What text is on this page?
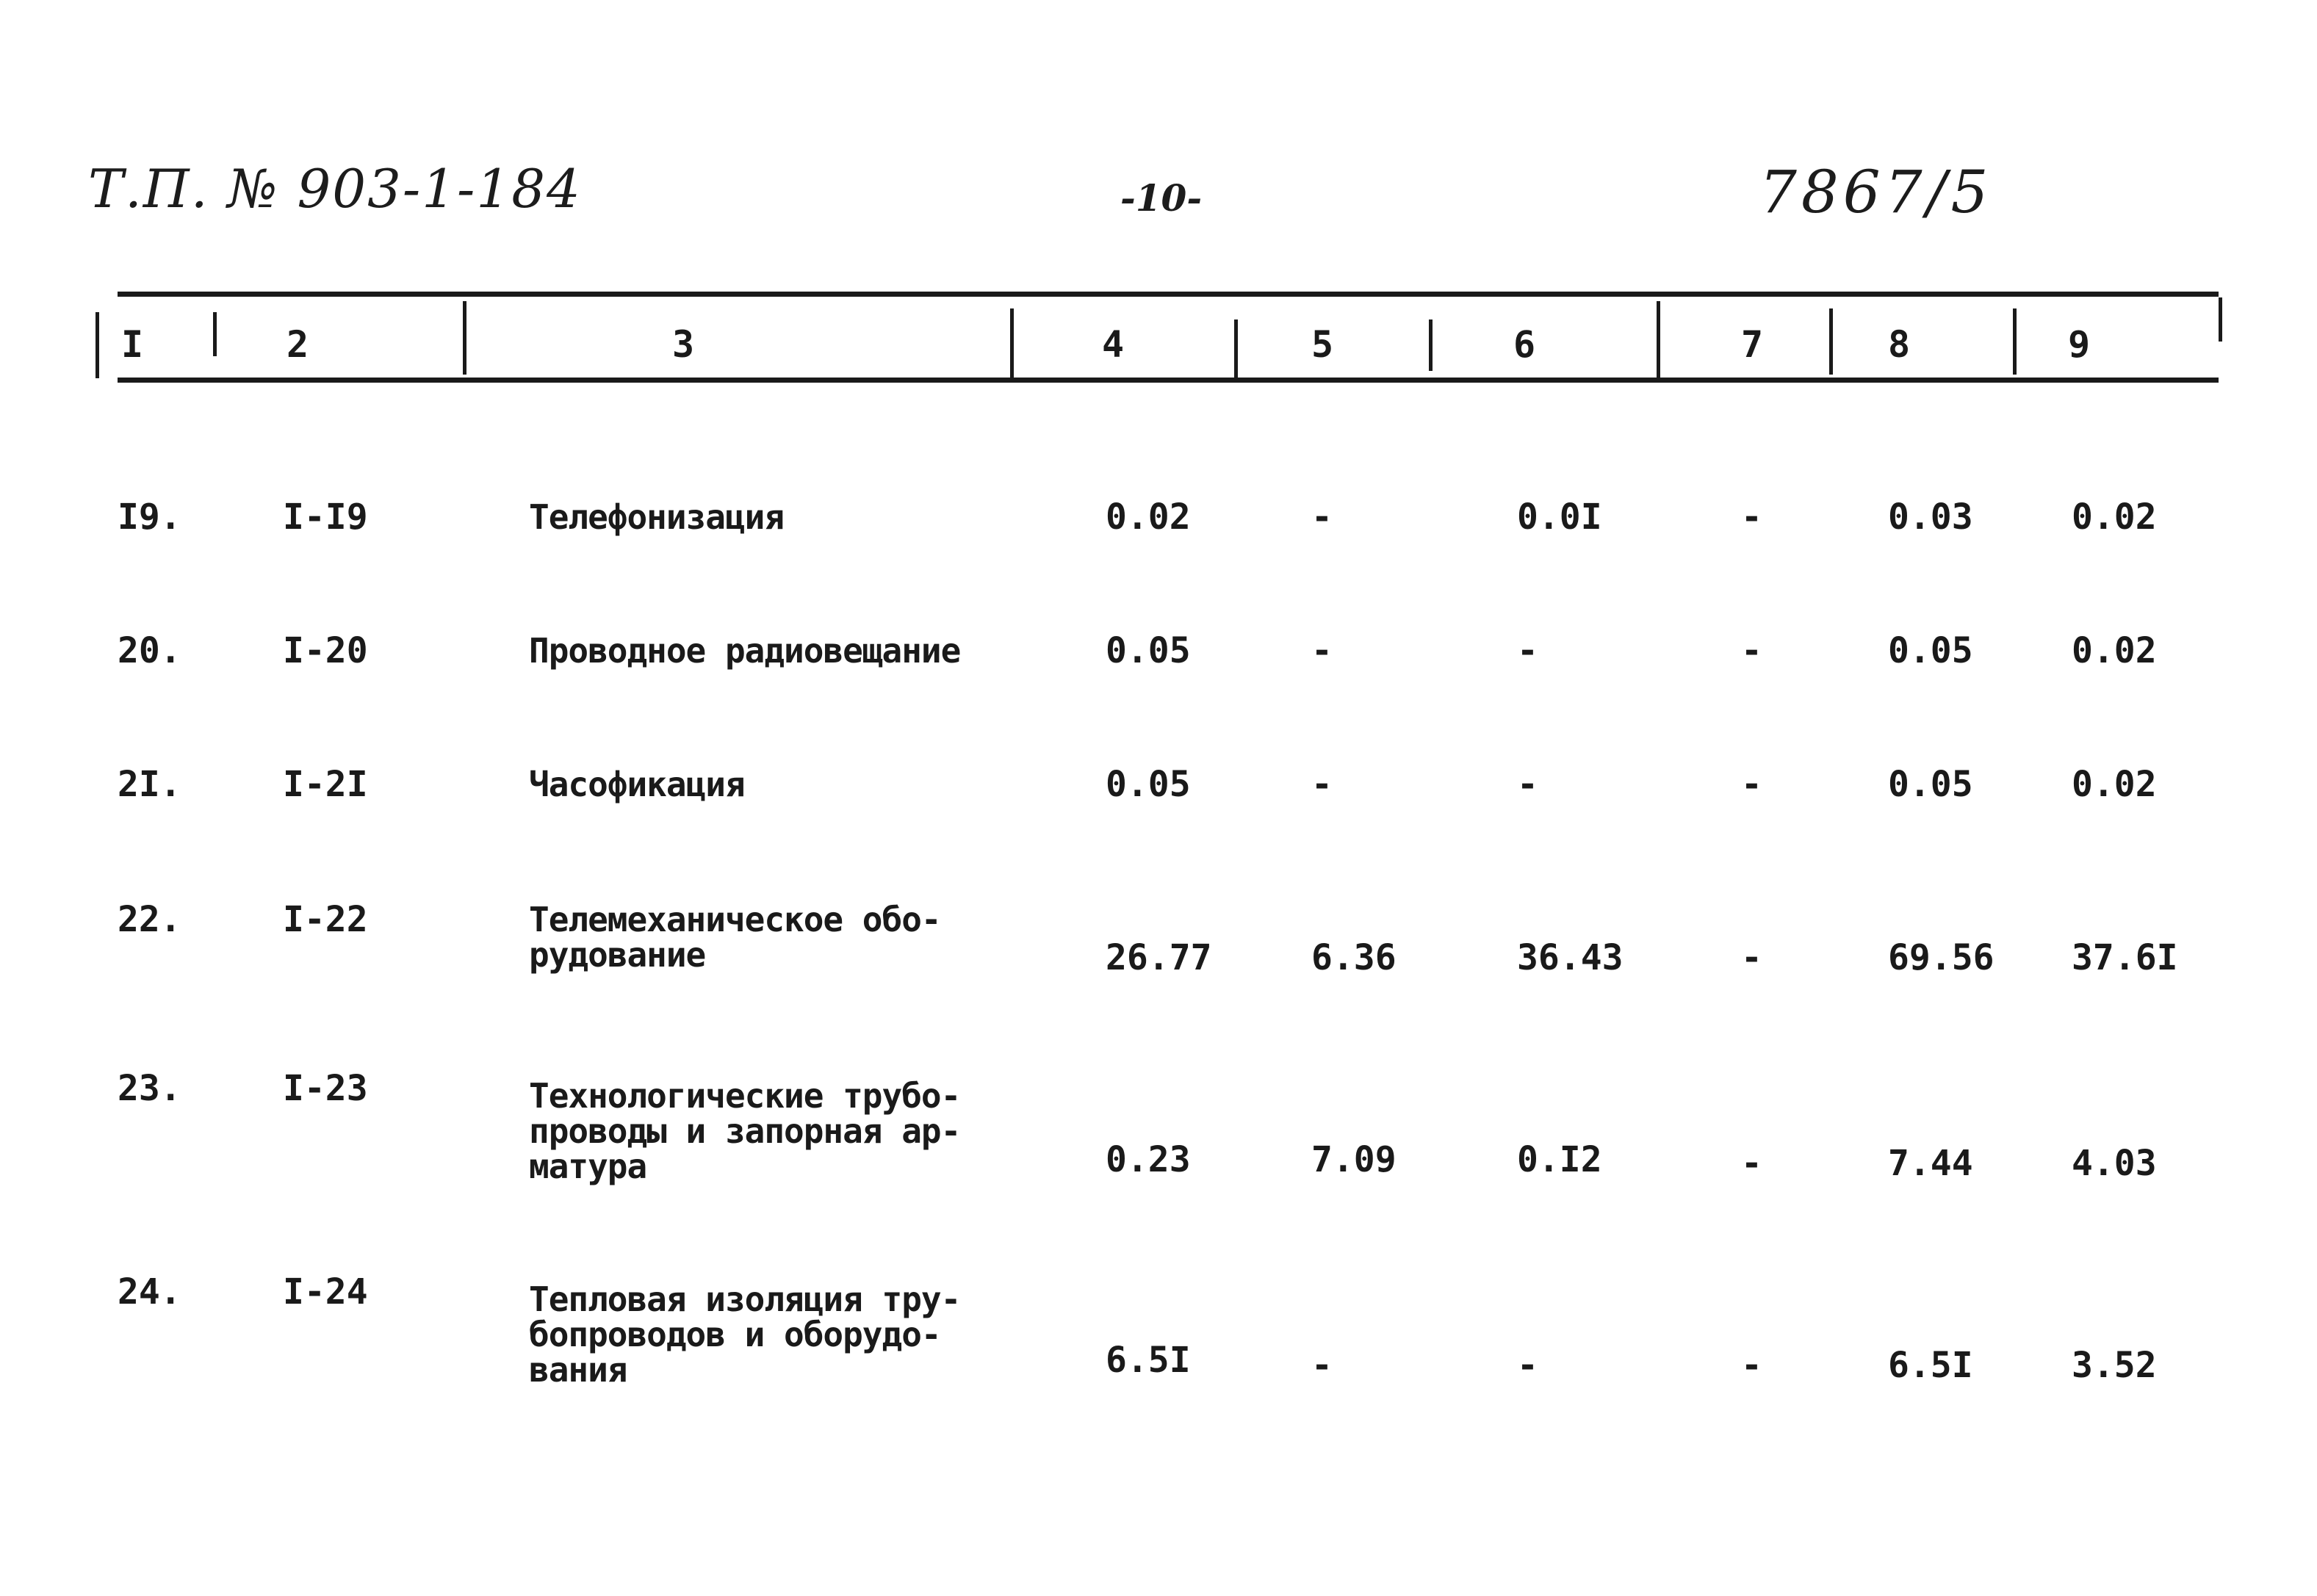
Т.П. № 903-1-184	-10-	7867/5
I	2	3	4	5	6	7	8	9
I9.	I-I9	Телефонизация	0.02	-	0.0I	-	0.03	0.02
20.	I-20	Проводное радиовещание	0.05	-	-	-	0.05	0.02
2I.	I-2I	Часофикация	0.05	-	-	-	0.05	0.02
22.	I-22	Телемеханическое обо-
рудование	26.77	6.36	36.43	-	69.56 37.6I
23.	I-23	Технологические трубо-
проводы и запорная ар-
матура	0.23	7.09	0.I2	-	7.44	4.03
24.	I-24	Тепловая изоляция тру-
бопроводов и оборудо-
вания	6.5I	-	-	-	6.5I	3.52
